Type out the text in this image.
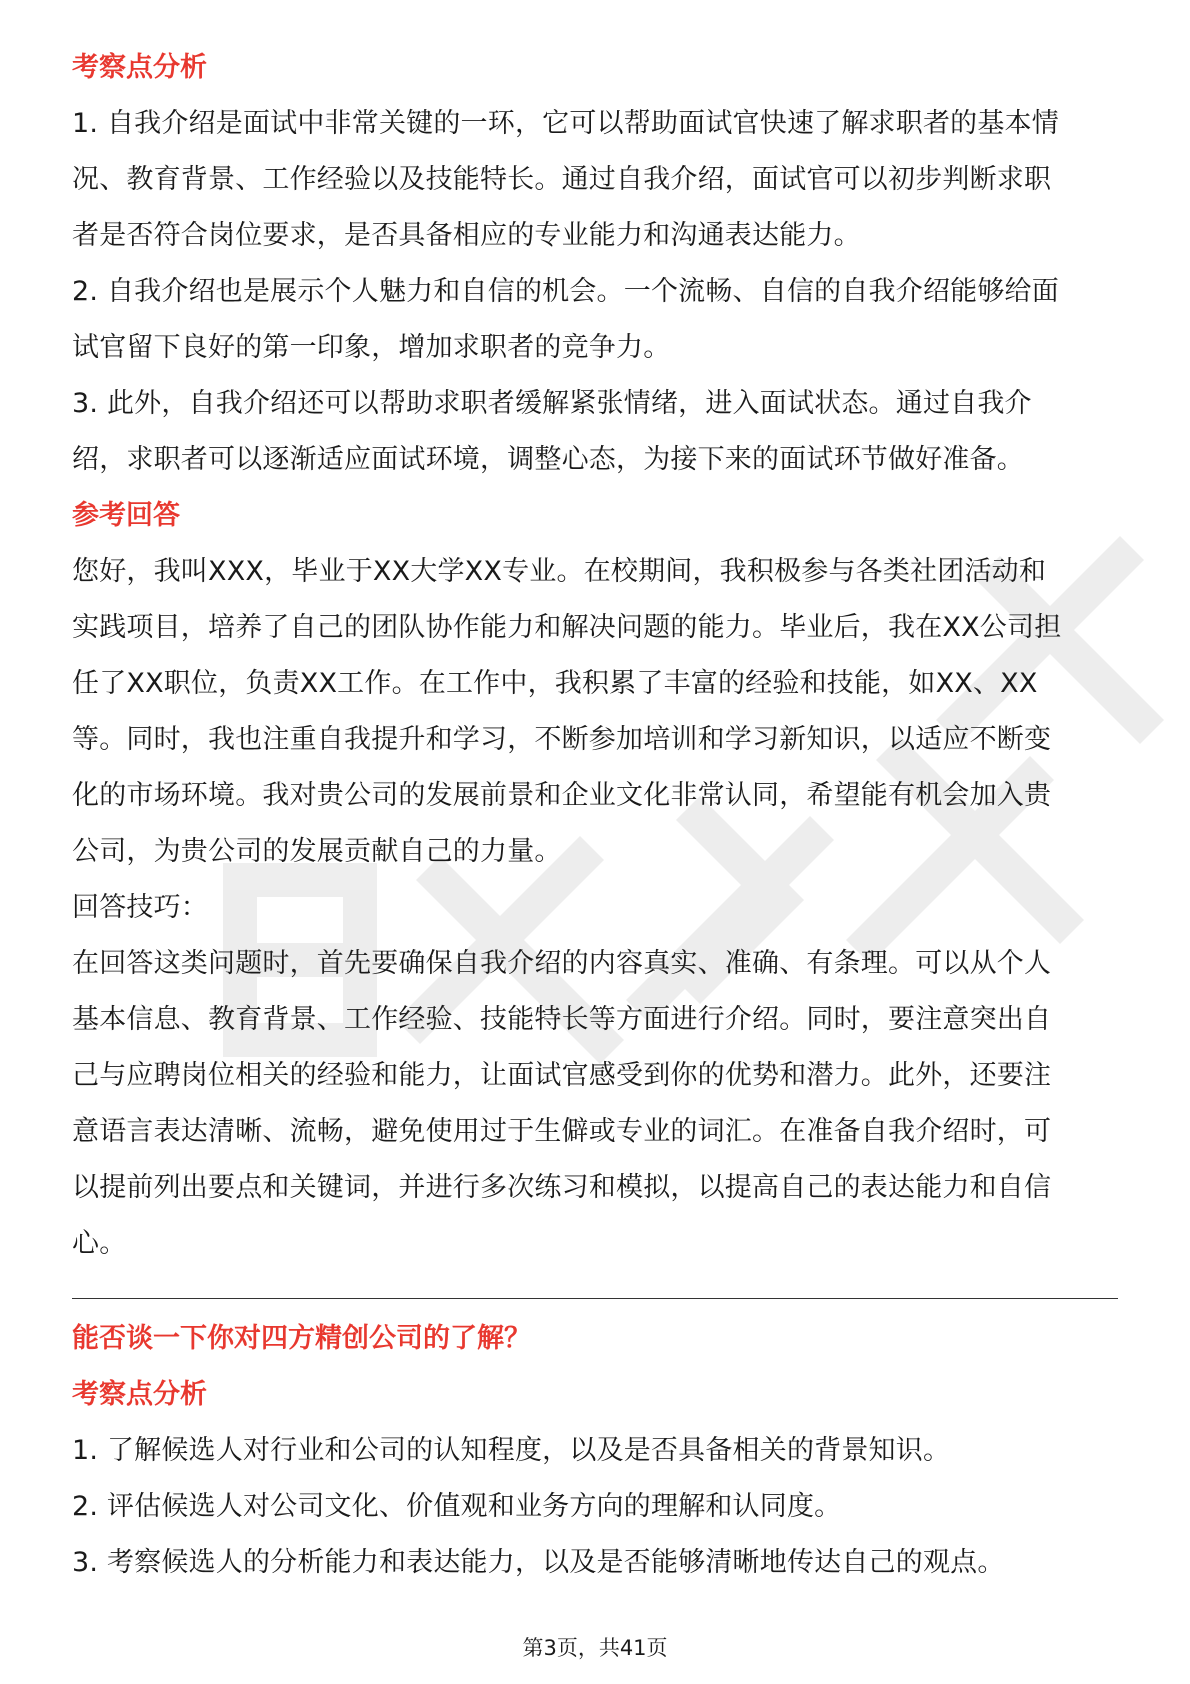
考察点分析
1. 自我介绍是面试中非常关键的一环，它可以帮助面试官快速了解求职者的基本情
况、教育背景、工作经验以及技能特长。通过自我介绍，面试官可以初步判断求职
者是否符合岗位要求，是否具备相应的专业能力和沟通表达能力。
2. 自我介绍也是展示个人魅力和自信的机会。一个流畅、自信的自我介绍能够给面
试官留下良好的第一印象，增加求职者的竞争力。
3. 此外，自我介绍还可以帮助求职者缓解紧张情绪，进入面试状态。通过自我介
绍，求职者可以逐渐适应面试环境，调整心态，为接下来的面试环节做好准备。
参考回答
您好，我叫XXX，毕业于XX大学XX专业。在校期间，我积极参与各类社团活动和
实践项目，培养了自己的团队协作能力和解决问题的能力。毕业后，我在XX公司担
任了XX职位，负责XX工作。在工作中，我积累了丰富的经验和技能，如XX、XX
等。同时，我也注重自我提升和学习，不断参加培训和学习新知识，以适应不断变
化的市场环境。我对贵公司的发展前景和企业文化非常认同，希望能有机会加入贵
公司，为贵公司的发展贡献自己的力量。
回答技巧：
在回答这类问题时，首先要确保自我介绍的内容真实、准确、有条理。可以从个人
基本信息、教育背景、工作经验、技能特长等方面进行介绍。同时，要注意突出自
己与应聘岗位相关的经验和能力，让面试官感受到你的优势和潜力。此外，还要注
意语言表达清晰、流畅，避免使用过于生僻或专业的词汇。在准备自我介绍时，可
以提前列出要点和关键词，并进行多次练习和模拟，以提高自己的表达能力和自信
心。
能否谈一下你对四方精创公司的了解？
考察点分析
1. 了解候选人对行业和公司的认知程度，以及是否具备相关的背景知识。
2. 评估候选人对公司文化、价值观和业务方向的理解和认同度。
3. 考察候选人的分析能力和表达能力，以及是否能够清晰地传达自己的观点。
第3页，共41页
